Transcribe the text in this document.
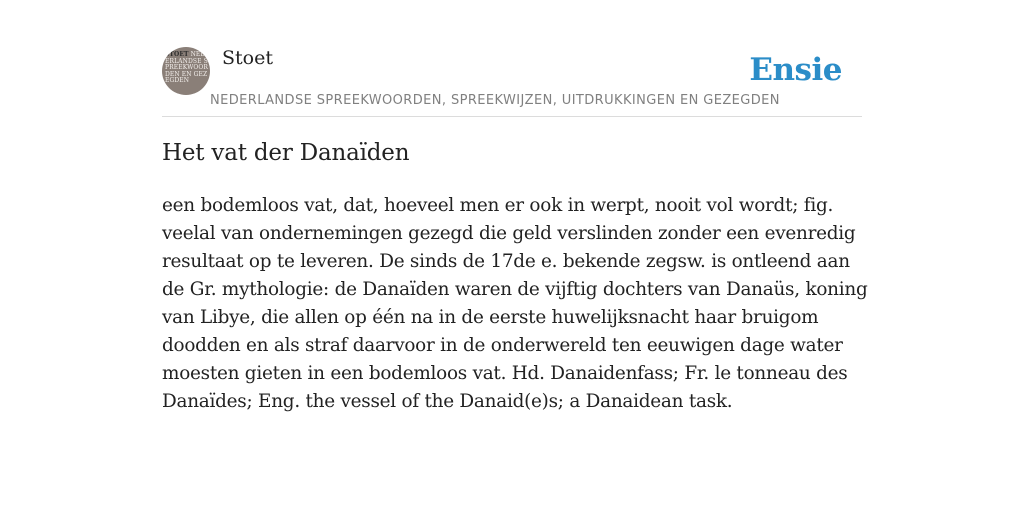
STOET NEDERLANDSE SPREEKWOORDEN EN GEZEGDEN
Stoet	Ensie
NEDERLANDSE SPREEKWOORDEN, SPREEKWIJZEN, UITDRUKKINGEN EN GEZEGDEN
Het vat der Danaïden

een bodemloos vat, dat, hoeveel men er ook in werpt, nooit vol wordt; fig. veelal van ondernemingen gezegd die geld verslinden zonder een evenredig resultaat op te leveren. De sinds de 17de e. bekende zegsw. is ontleend aan de Gr. mythologie: de Danaïden waren de vijftig dochters van Danaüs, koning van Libye, die allen op één na in de eerste huwelijksnacht haar bruigom doodden en als straf daarvoor in de onderwereld ten eeuwigen dage water moesten gieten in een bodemloos vat. Hd. Danaidenfass; Fr. le tonneau des Danaïdes; Eng. the vessel of the Danaid(e)s; a Danaidean task.
